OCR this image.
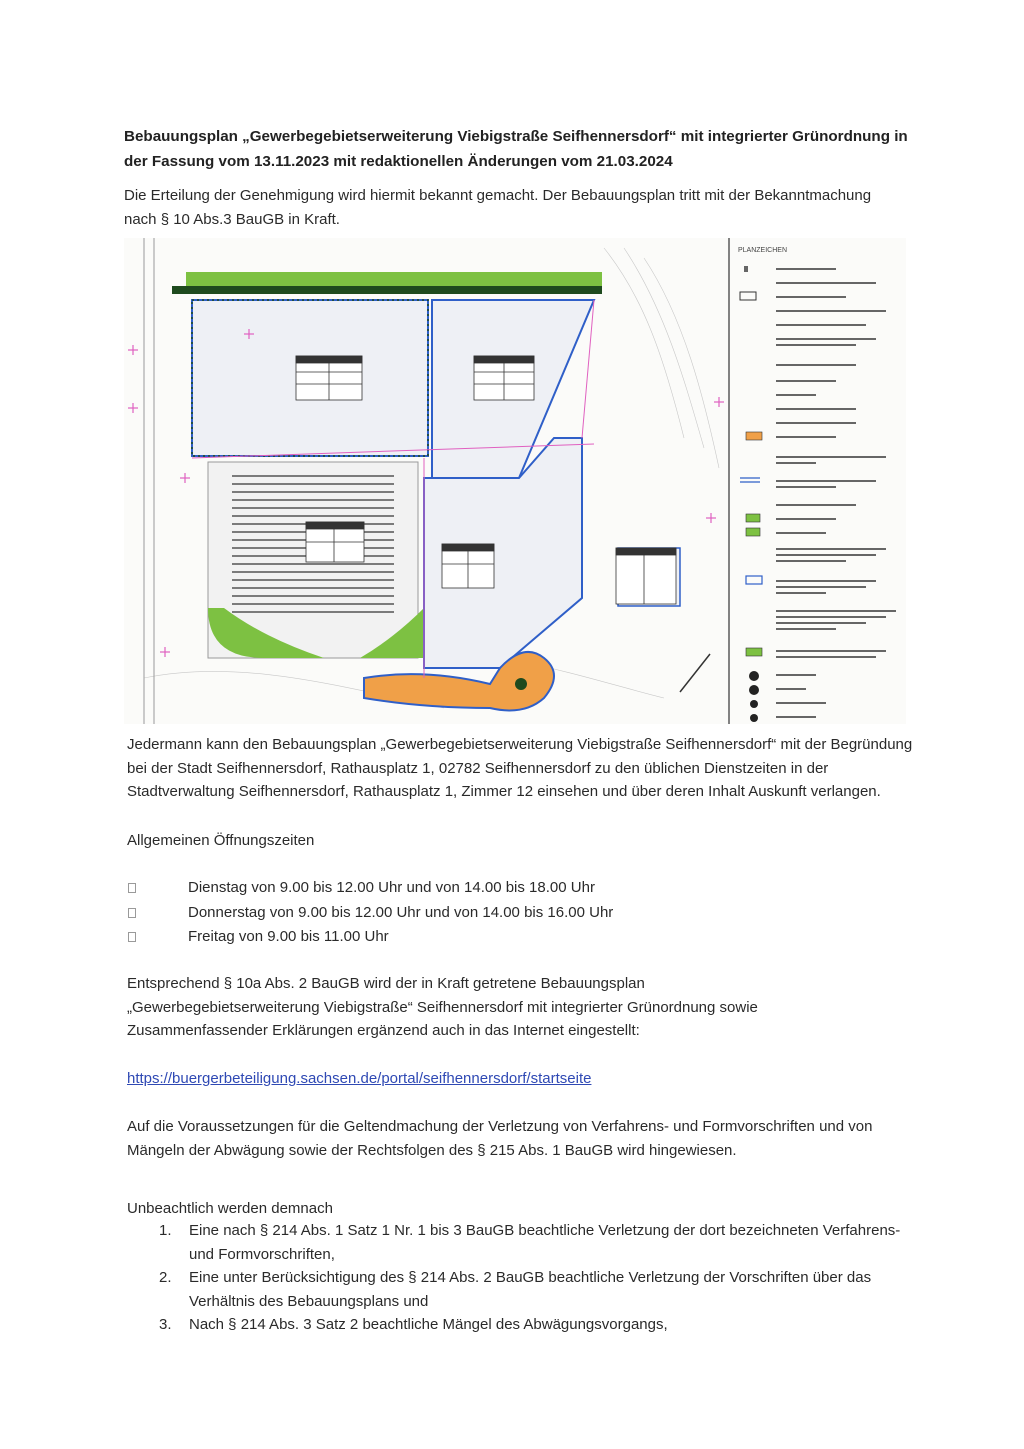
Bebauungsplan „Gewerbegebietserweiterung Viebigstraße Seifhennersdorf“ mit integrierter Grünordnung in der Fassung vom 13.11.2023 mit redaktionellen Änderungen vom 21.03.2024

Die Erteilung der Genehmigung wird hiermit bekannt gemacht. Der Bebauungsplan tritt mit der Bekanntmachung nach § 10 Abs.3 BauGB in Kraft.

PLANZEICHEN

Jedermann kann den Bebauungsplan „Gewerbegebietserweiterung Viebigstraße Seifhennersdorf“ mit der Begründung bei der Stadt Seifhennersdorf, Rathausplatz 1, 02782 Seifhennersdorf zu den üblichen Dienstzeiten in der Stadtverwaltung Seifhennersdorf, Rathausplatz 1, Zimmer 12 einsehen und über deren Inhalt Auskunft verlangen.

Allgemeinen Öffnungszeiten

Dienstag von 9.00 bis 12.00 Uhr und von 14.00 bis 18.00 Uhr
Donnerstag von 9.00 bis 12.00 Uhr und von 14.00 bis 16.00 Uhr
Freitag von 9.00 bis 11.00 Uhr

Entsprechend § 10a Abs. 2 BauGB wird der in Kraft getretene Bebauungsplan „Gewerbegebietserweiterung Viebigstraße“ Seifhennersdorf mit integrierter Grünordnung sowie Zusammenfassender Erklärungen ergänzend auch in das Internet eingestellt:

https://buergerbeteiligung.sachsen.de/portal/seifhennersdorf/startseite

Auf die Voraussetzungen für die Geltendmachung der Verletzung von Verfahrens- und Formvorschriften und von Mängeln der Abwägung sowie der Rechtsfolgen des § 215 Abs. 1 BauGB wird hingewiesen.

Unbeachtlich werden demnach

1. Eine nach § 214 Abs. 1 Satz 1 Nr. 1 bis 3 BauGB beachtliche Verletzung der dort bezeichneten Verfahrens- und Formvorschriften,
2. Eine unter Berücksichtigung des § 214 Abs. 2 BauGB beachtliche Verletzung der Vorschriften über das Verhältnis des Bebauungsplans und
3. Nach § 214 Abs. 3 Satz 2 beachtliche Mängel des Abwägungsvorgangs,
